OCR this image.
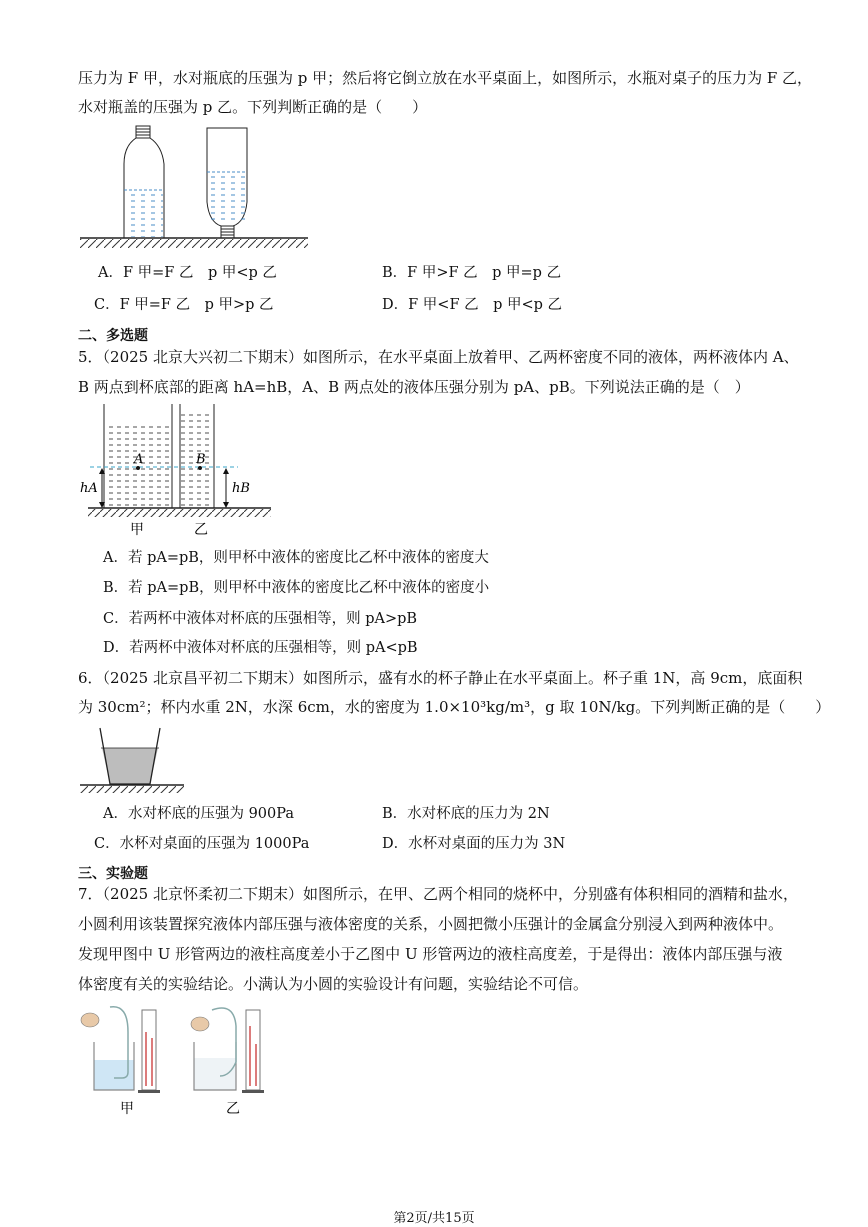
压力为 F 甲，水对瓶底的压强为 p 甲；然后将它倒立放在水平桌面上，如图所示，水瓶对桌子的压力为 F 乙，
水对瓶盖的压强为 p 乙。下列判断正确的是（　　）
A．F 甲=F 乙　p 甲<p 乙	B．F 甲>F 乙　p 甲=p 乙
C．F 甲=F 乙　p 甲>p 乙	D．F 甲<F 乙　p 甲<p 乙
二、多选题
5．（2025 北京大兴初二下期末）如图所示，在水平桌面上放着甲、乙两杯密度不同的液体，两杯液体内 A、
B 两点到杯底部的距离 hA=hB，A、B 两点处的液体压强分别为 pA、pB。下列说法正确的是（　）
A	B
hA	hB
甲	乙
A．若 pA=pB，则甲杯中液体的密度比乙杯中液体的密度大
B．若 pA=pB，则甲杯中液体的密度比乙杯中液体的密度小
C．若两杯中液体对杯底的压强相等，则 pA>pB
D．若两杯中液体对杯底的压强相等，则 pA<pB
6．（2025 北京昌平初二下期末）如图所示，盛有水的杯子静止在水平桌面上。杯子重 1N，高 9cm，底面积
为 30cm²；杯内水重 2N，水深 6cm，水的密度为 1.0×10³kg/m³，g 取 10N/kg。下列判断正确的是（　　）
A．水对杯底的压强为 900Pa	B．水对杯底的压力为 2N
C．水杯对桌面的压强为 1000Pa	D．水杯对桌面的压力为 3N
三、实验题
7．（2025 北京怀柔初二下期末）如图所示，在甲、乙两个相同的烧杯中，分别盛有体积相同的酒精和盐水，
小圆利用该装置探究液体内部压强与液体密度的关系，小圆把微小压强计的金属盒分别浸入到两种液体中。
发现甲图中 U 形管两边的液柱高度差小于乙图中 U 形管两边的液柱高度差，于是得出：液体内部压强与液
体密度有关的实验结论。小满认为小圆的实验设计有问题，实验结论不可信。
甲	乙
第2页/共15页
